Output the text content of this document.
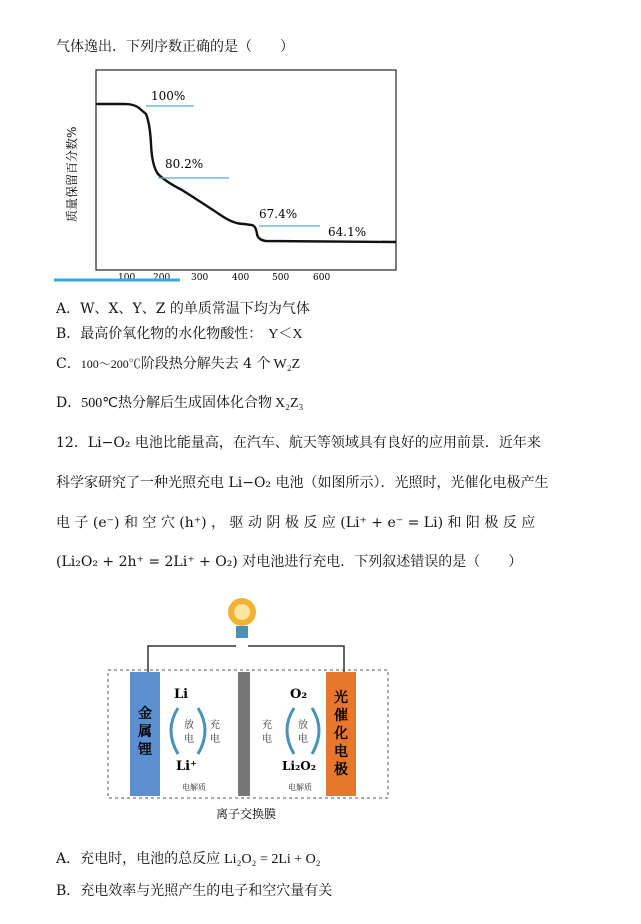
气体逸出．下列序数正确的是（　　）
质量保留百分数%
100%
80.2%
67.4%
64.1%
100 200 300	400	500	600
A．W、X、Y、Z 的单质常温下均为气体
B．最高价氧化物的水化物酸性： Y＜X
C．100～200℃阶段热分解失去 4 个 W₂Z
D．500℃热分解后生成固体化合物 X₂Z₃
12．Li−O₂ 电池比能量高，在汽车、航天等领域具有良好的应用前景．近年来
科学家研究了一种光照充电 Li−O₂ 电池（如图所示）．光照时，光催化电极产生
电 子 (e⁻) 和 空 穴 (h⁺) ， 驱 动 阴 极 反 应 (Li⁺ + e⁻ = Li) 和 阳 极 反 应
(Li₂O₂ + 2h⁺ = 2Li⁺ + O₂) 对电池进行充电．下列叙述错误的是（　　）
金
属
锂
光
催
化
电
极
Li
Li⁺
O₂
Li₂O₂
放
电
充
电
充
电
放
电
电解质	电解质
离子交换膜
A．充电时，电池的总反应 Li₂O₂ = 2Li + O₂
B．充电效率与光照产生的电子和空穴量有关
